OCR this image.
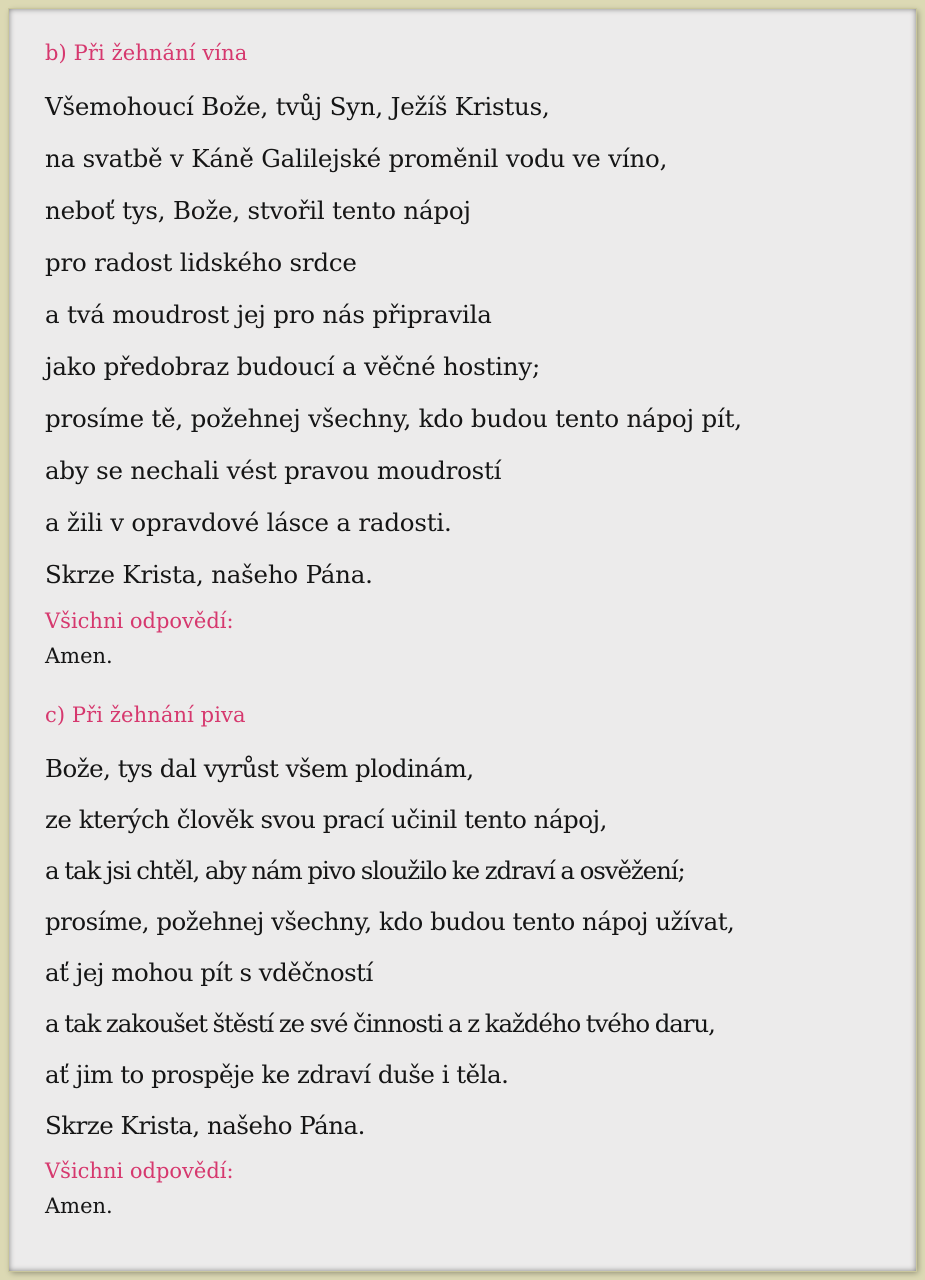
b) Při žehnání vína
Všemohoucí Bože, tvůj Syn, Ježíš Kristus,
na svatbě v Káně Galilejské proměnil vodu ve víno,
neboť tys, Bože, stvořil tento nápoj
pro radost lidského srdce
a tvá moudrost jej pro nás připravila
jako předobraz budoucí a věčné hostiny;
prosíme tě, požehnej všechny, kdo budou tento nápoj pít,
aby se nechali vést pravou moudrostí
a žili v opravdové lásce a radosti.
Skrze Krista, našeho Pána.
Všichni odpovědí:
Amen.
c) Při žehnání piva
Bože, tys dal vyrůst všem plodinám,
ze kterých člověk svou prací učinil tento nápoj,
a tak jsi chtěl, aby nám pivo sloužilo ke zdraví a osvěžení;
prosíme, požehnej všechny, kdo budou tento nápoj užívat,
ať jej mohou pít s vděčností
a tak zakoušet štěstí ze své činnosti a z každého tvého daru,
ať jim to prospěje ke zdraví duše i těla.
Skrze Krista, našeho Pána.
Všichni odpovědí:
Amen.
